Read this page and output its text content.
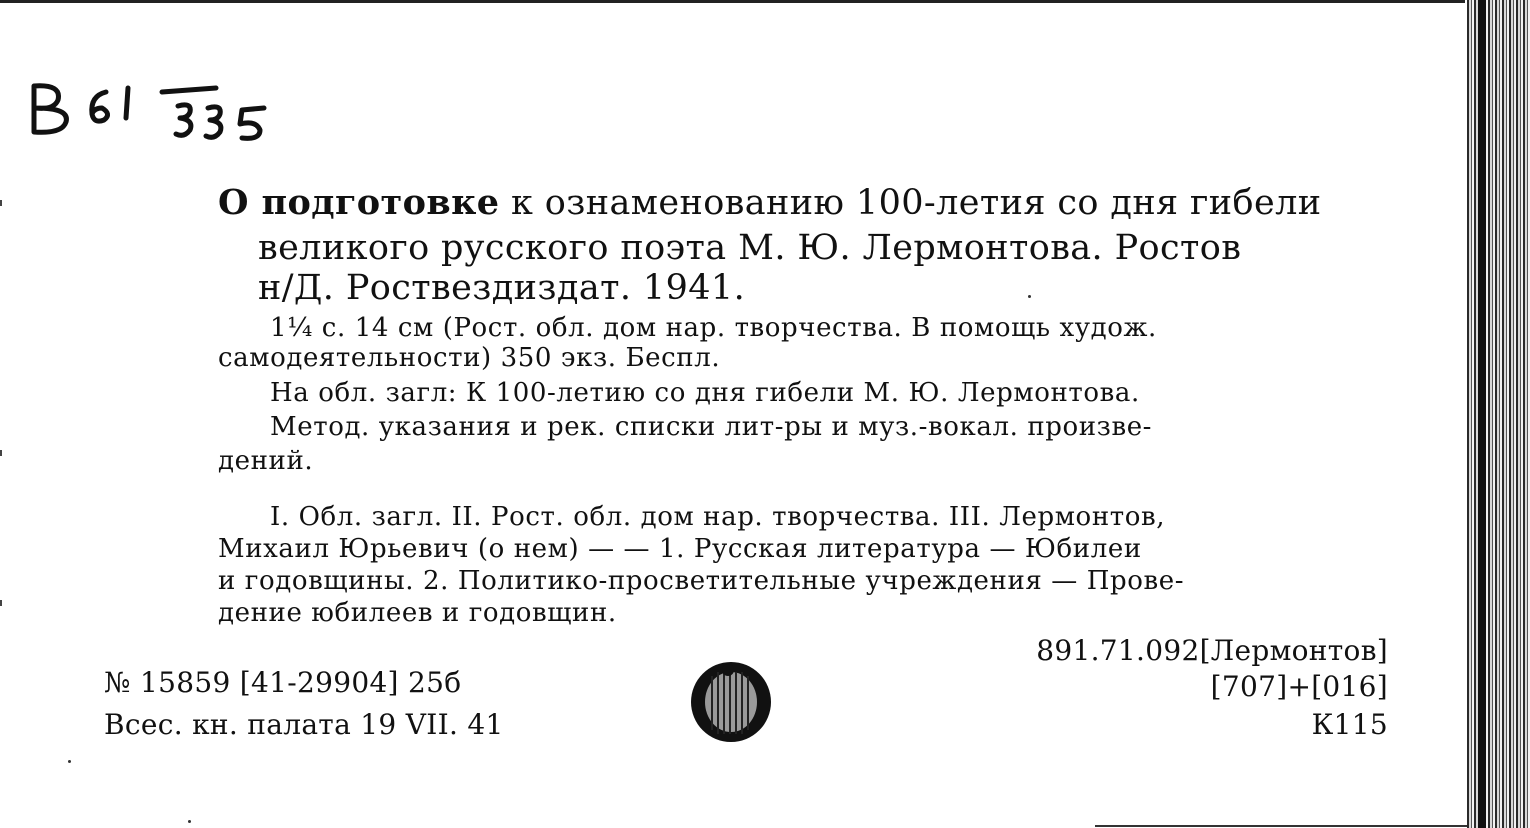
О подготовке к ознаменованию 100-летия со дня гибели
великого русского поэта М. Ю. Лермонтова. Ростов
н/Д. Роствездиздат. 1941.
1¼ с. 14 см (Рост. обл. дом нар. творчества. В помощь худож.
самодеятельности) 350 экз. Беспл.
На обл. загл: К 100-летию со дня гибели М. Ю. Лермонтова.
Метод. указания и рек. списки лит-ры и муз.-вокал. произве-
дений.
I. Обл. загл. II. Рост. обл. дом нар. творчества. III. Лермонтов,
Михаил Юрьевич (о нем) — — 1. Русская литература — Юбилеи
и годовщины. 2. Политико-просветительные учреждения — Прове-
дение юбилеев и годовщин.
№ 15859 [41-29904] 25б
Всес. кн. палата 19 VII. 41
891.71.092[Лермонтов]
[707]+[016]
К115
